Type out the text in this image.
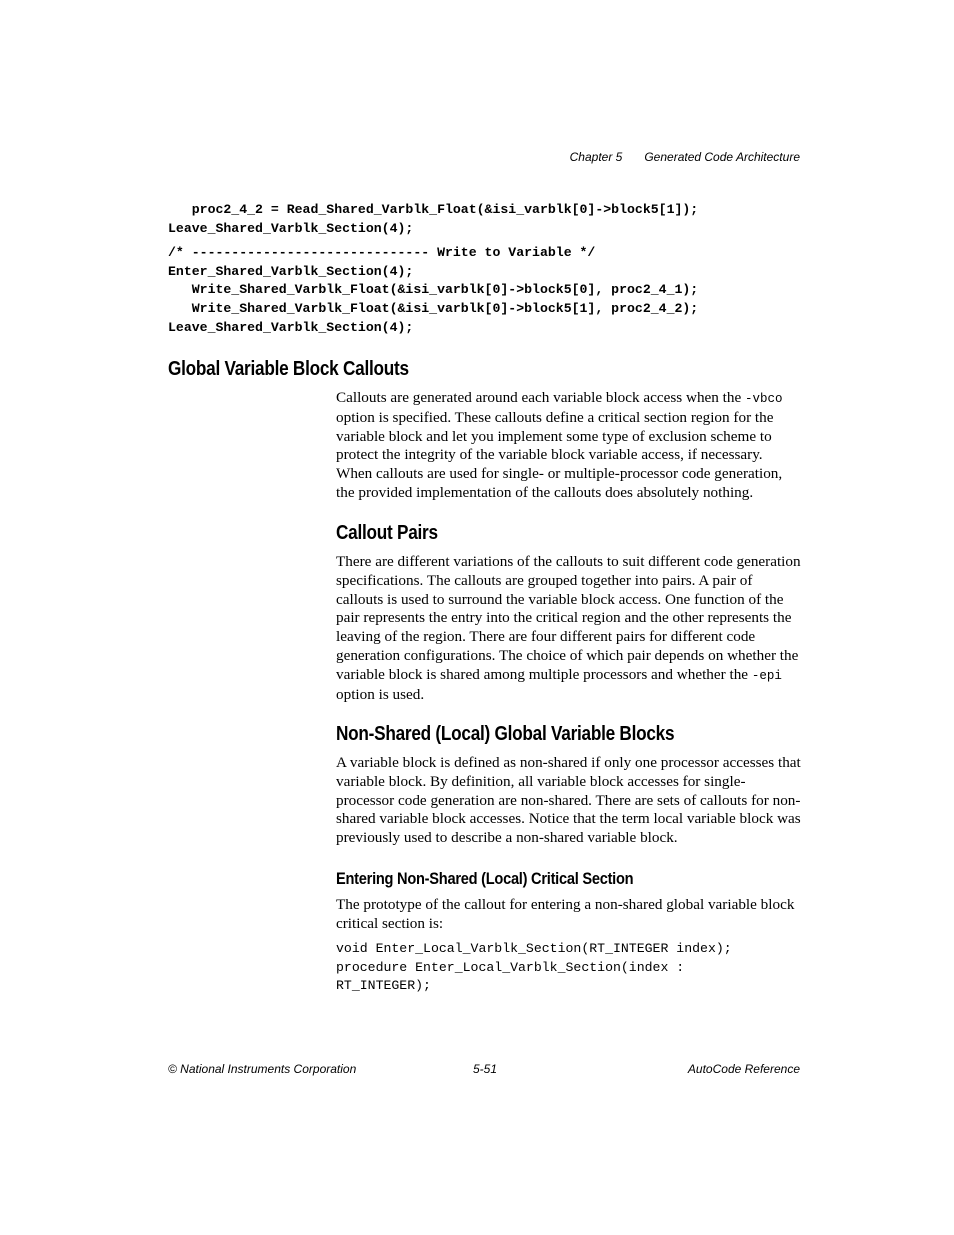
Chapter 5 Generated Code Architecture
proc2_4_2 = Read_Shared_Varblk_Float(&isi_varblk[0]->block5[1]);
Leave_Shared_Varblk_Section(4);
/* ------------------------------ Write to Variable */
Enter_Shared_Varblk_Section(4);
Write_Shared_Varblk_Float(&isi_varblk[0]->block5[0], proc2_4_1);
Write_Shared_Varblk_Float(&isi_varblk[0]->block5[1], proc2_4_2);
Leave_Shared_Varblk_Section(4);
Global Variable Block Callouts

Callouts are generated around each variable block access when the -vbco option is specified. These callouts define a critical section region for the variable block and let you implement some type of exclusion scheme to protect the integrity of the variable block variable access, if necessary. When callouts are used for single- or multiple-processor code generation, the provided implementation of the callouts does absolutely nothing.

Callout Pairs

There are different variations of the callouts to suit different code generation specifications. The callouts are grouped together into pairs. A pair of callouts is used to surround the variable block access. One function of the pair represents the entry into the critical region and the other represents the leaving of the region. There are four different pairs for different code generation configurations. The choice of which pair depends on whether the variable block is shared among multiple processors and whether the -epi option is used.

Non-Shared (Local) Global Variable Blocks

A variable block is defined as non-shared if only one processor accesses that variable block. By definition, all variable block accesses for single-processor code generation are non-shared. There are sets of callouts for non-shared variable block accesses. Notice that the term local variable block was previously used to describe a non-shared variable block.

Entering Non-Shared (Local) Critical Section

The prototype of the callout for entering a non-shared global variable block critical section is:

void Enter_Local_Varblk_Section(RT_INTEGER index);
procedure Enter_Local_Varblk_Section(index :
RT_INTEGER);
© National Instruments Corporation	5-51	AutoCode Reference
